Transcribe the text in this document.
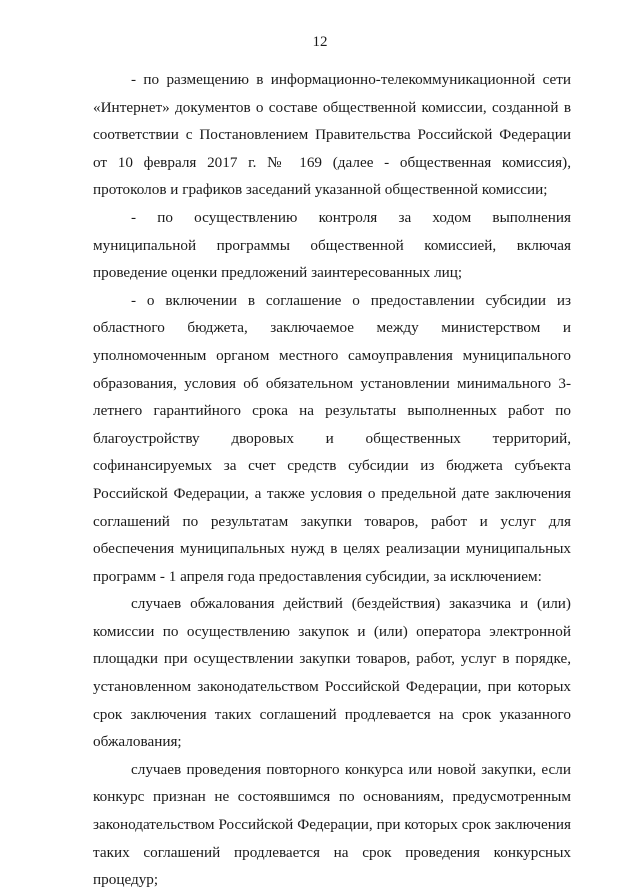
12

- по размещению в информационно-телекоммуникационной сети «Интернет» документов о составе общественной комиссии, созданной в соответствии с Постановлением Правительства Российской Федерации от 10 февраля 2017 г. № 169 (далее - общественная комиссия), протоколов и графиков заседаний указанной общественной комиссии;

- по осуществлению контроля за ходом выполнения муниципальной программы общественной комиссией, включая проведение оценки предложений заинтересованных лиц;

- о включении в соглашение о предоставлении субсидии из областного бюджета, заключаемое между министерством и уполномоченным органом местного самоуправления муниципального образования, условия об обязательном установлении минимального 3-летнего гарантийного срока на результаты выполненных работ по благоустройству дворовых и общественных территорий, софинансируемых за счет средств субсидии из бюджета субъекта Российской Федерации, а также условия о предельной дате заключения соглашений по результатам закупки товаров, работ и услуг для обеспечения муниципальных нужд в целях реализации муниципальных программ - 1 апреля года предоставления субсидии, за исключением:

случаев обжалования действий (бездействия) заказчика и (или) комиссии по осуществлению закупок и (или) оператора электронной площадки при осуществлении закупки товаров, работ, услуг в порядке, установленном законодательством Российской Федерации, при которых срок заключения таких соглашений продлевается на срок указанного обжалования;

случаев проведения повторного конкурса или новой закупки, если конкурс признан не состоявшимся по основаниям, предусмотренным законодательством Российской Федерации, при которых срок заключения таких соглашений продлевается на срок проведения конкурсных процедур;
